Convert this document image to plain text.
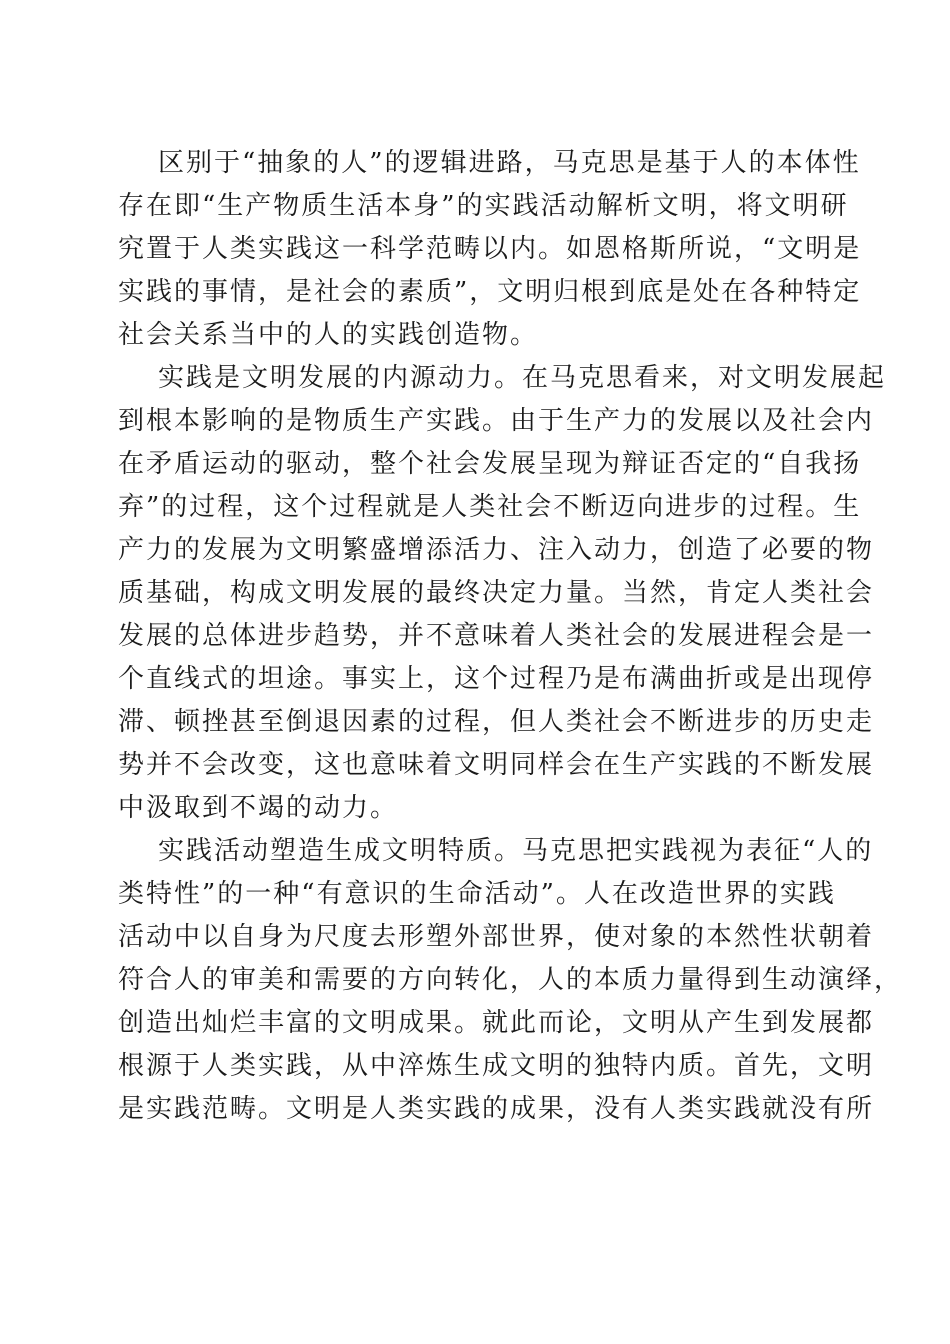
区别于“抽象的人”的逻辑进路，马克思是基于人的本体性
存在即“生产物质生活本身”的实践活动解析文明，将文明研
究置于人类实践这一科学范畴以内。如恩格斯所说，“文明是
实践的事情，是社会的素质”，文明归根到底是处在各种特定
社会关系当中的人的实践创造物。
实践是文明发展的内源动力。在马克思看来，对文明发展起
到根本影响的是物质生产实践。由于生产力的发展以及社会内
在矛盾运动的驱动，整个社会发展呈现为辩证否定的“自我扬
弃”的过程，这个过程就是人类社会不断迈向进步的过程。生
产力的发展为文明繁盛增添活力、注入动力，创造了必要的物
质基础，构成文明发展的最终决定力量。当然，肯定人类社会
发展的总体进步趋势，并不意味着人类社会的发展进程会是一
个直线式的坦途。事实上，这个过程乃是布满曲折或是出现停
滞、顿挫甚至倒退因素的过程，但人类社会不断进步的历史走
势并不会改变，这也意味着文明同样会在生产实践的不断发展
中汲取到不竭的动力。
实践活动塑造生成文明特质。马克思把实践视为表征“人的
类特性”的一种“有意识的生命活动”。人在改造世界的实践
活动中以自身为尺度去形塑外部世界，使对象的本然性状朝着
符合人的审美和需要的方向转化，人的本质力量得到生动演绎，
创造出灿烂丰富的文明成果。就此而论，文明从产生到发展都
根源于人类实践，从中淬炼生成文明的独特内质。首先，文明
是实践范畴。文明是人类实践的成果，没有人类实践就没有所
